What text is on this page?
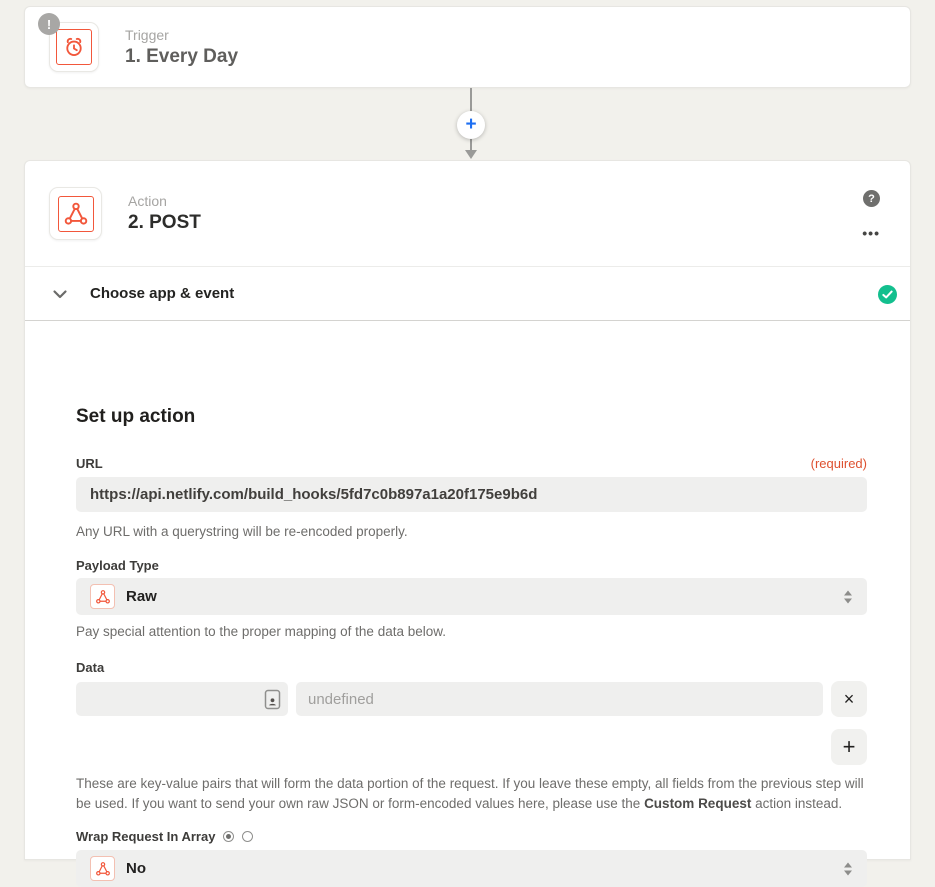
!
Trigger
1. Every Day
+
Action
2. POST
?
•••
Choose app & event
Set up action
URL	(required)
https://api.netlify.com/build_hooks/5fd7c0b897a1a20f175e9b6d
Any URL with a querystring will be re-encoded properly.
Payload Type
Raw
Pay special attention to the proper mapping of the data below.
Data
undefined
×
+

These are key-value pairs that will form the data portion of the request. If you leave these empty, all fields from the previous step will be used. If you want to send your own raw JSON or form-encoded values here, please use the Custom Request action instead.

Wrap Request In Array
No
